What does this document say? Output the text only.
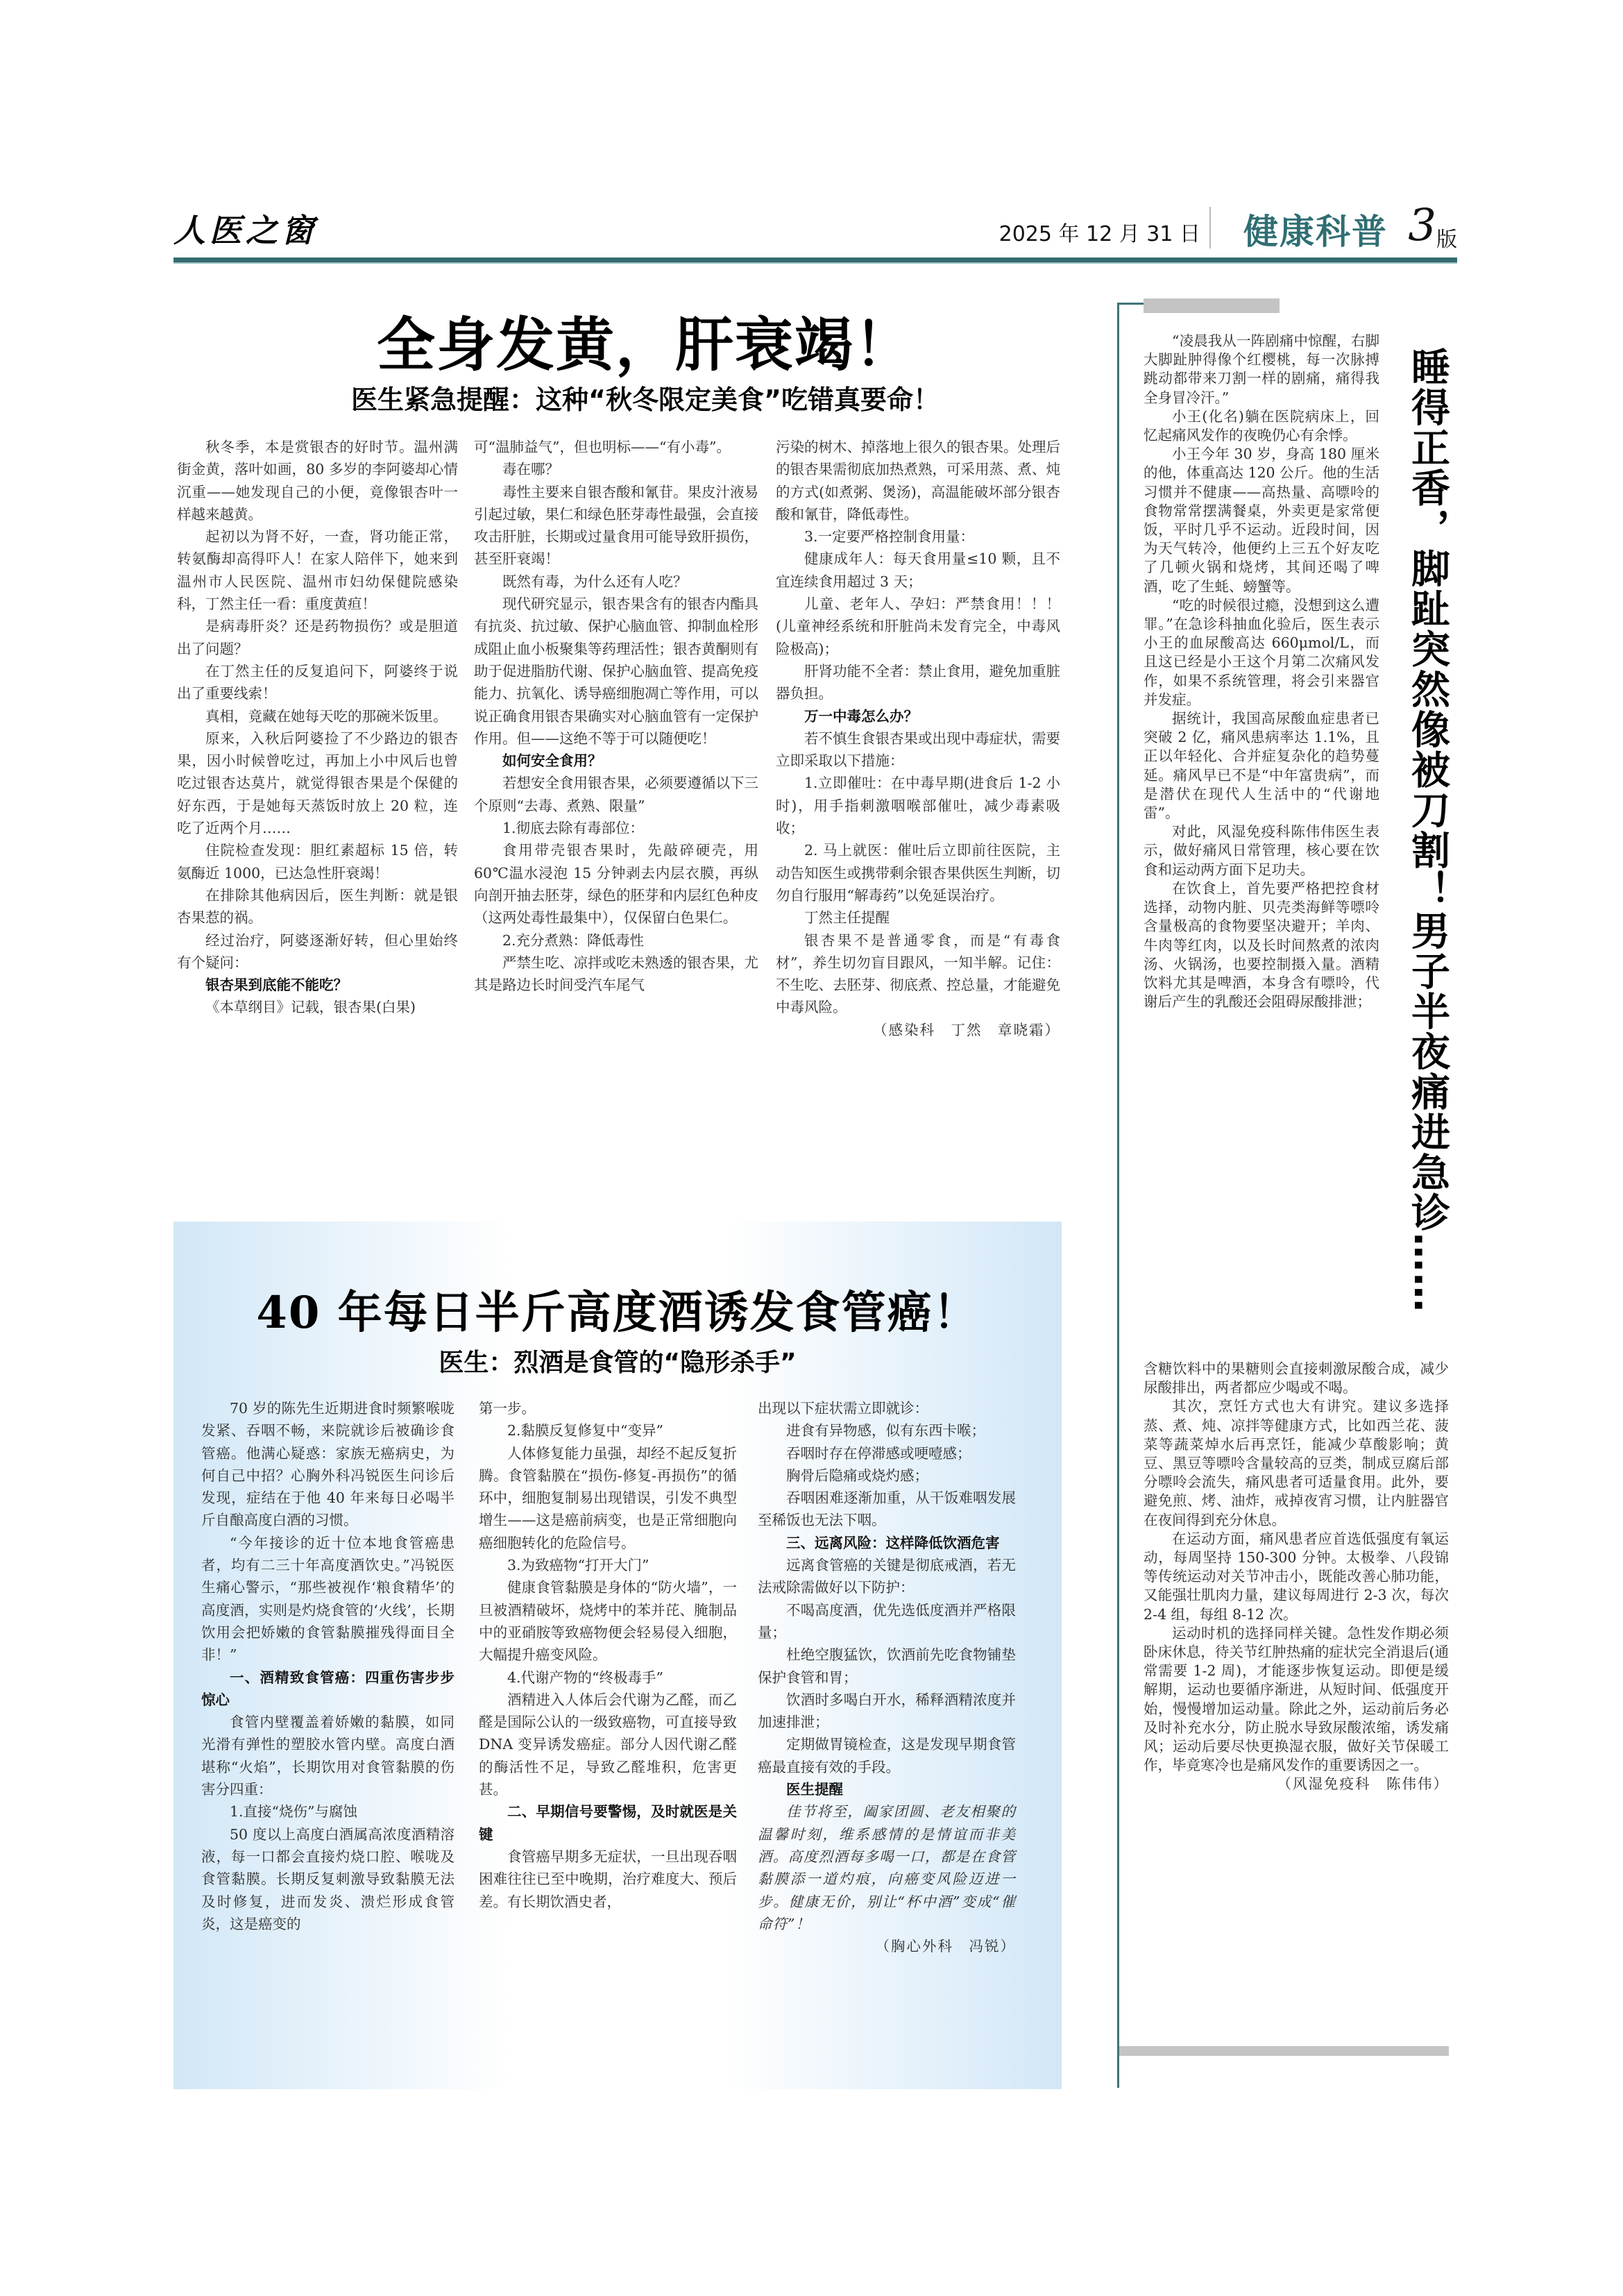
人医之窗	2025 年 12 月 31 日 健康科普 3 版
全身发黄，肝衰竭！
医生紧急提醒：这种“秋冬限定美食”吃错真要命！

秋冬季，本是赏银杏的好时节。温州满街金黄，落叶如画，80 多岁的李阿婆却心情沉重——她发现自己的小便，竟像银杏叶一样越来越黄。

起初以为肾不好，一查，肾功能正常，转氨酶却高得吓人！在家人陪伴下，她来到温州市人民医院、温州市妇幼保健院感染科，丁然主任一看：重度黄疸！

是病毒肝炎？还是药物损伤？或是胆道出了问题？

在丁然主任的反复追问下，阿婆终于说出了重要线索！

真相，竟藏在她每天吃的那碗米饭里。

原来，入秋后阿婆捡了不少路边的银杏果，因小时候曾吃过，再加上小中风后也曾吃过银杏达莫片，就觉得银杏果是个保健的好东西，于是她每天蒸饭时放上 20 粒，连吃了近两个月……

住院检查发现：胆红素超标 15 倍，转氨酶近 1000，已达急性肝衰竭！

在排除其他病因后，医生判断：就是银杏果惹的祸。

经过治疗，阿婆逐渐好转，但心里始终有个疑问：

银杏果到底能不能吃？

《本草纲目》记载，银杏果(白果)

可“温肺益气”，但也明标——“有小毒”。

毒在哪？

毒性主要来自银杏酸和氰苷。果皮汁液易引起过敏，果仁和绿色胚芽毒性最强，会直接攻击肝脏，长期或过量食用可能导致肝损伤，甚至肝衰竭！

既然有毒，为什么还有人吃？

现代研究显示，银杏果含有的银杏内酯具有抗炎、抗过敏、保护心脑血管、抑制血栓形成阻止血小板聚集等药理活性；银杏黄酮则有助于促进脂肪代谢、保护心脑血管、提高免疫能力、抗氧化、诱导癌细胞凋亡等作用，可以说正确食用银杏果确实对心脑血管有一定保护作用。但——这绝不等于可以随便吃！

如何安全食用？

若想安全食用银杏果，必须要遵循以下三个原则“去毒、煮熟、限量”

1.彻底去除有毒部位：

食用带壳银杏果时，先敲碎硬壳，用 60℃温水浸泡 15 分钟剥去内层衣膜，再纵向剖开抽去胚芽，绿色的胚芽和内层红色种皮（这两处毒性最集中），仅保留白色果仁。

2.充分煮熟：降低毒性

严禁生吃、凉拌或吃未熟透的银杏果，尤其是路边长时间受汽车尾气

污染的树木、掉落地上很久的银杏果。处理后的银杏果需彻底加热煮熟，可采用蒸、煮、炖的方式(如煮粥、煲汤)，高温能破坏部分银杏酸和氰苷，降低毒性。

3.一定要严格控制食用量：

健康成年人：每天食用量≤10 颗，且不宜连续食用超过 3 天；

儿童、老年人、孕妇：严禁食用！！！(儿童神经系统和肝脏尚未发育完全，中毒风险极高)；

肝肾功能不全者：禁止食用，避免加重脏器负担。

万一中毒怎么办？

若不慎生食银杏果或出现中毒症状，需要立即采取以下措施：

1.立即催吐：在中毒早期(进食后 1-2 小时)，用手指刺激咽喉部催吐，减少毒素吸收；

2. 马上就医：催吐后立即前往医院，主动告知医生或携带剩余银杏果供医生判断，切勿自行服用“解毒药”以免延误治疗。

丁然主任提醒

银杏果不是普通零食，而是“有毒食材”，养生切勿盲目跟风，一知半解。记住：不生吃、去胚芽、彻底煮、控总量，才能避免中毒风险。

（感染科　丁然　章晓霜）

40 年每日半斤高度酒诱发食管癌！
医生：烈酒是食管的“隐形杀手”

70 岁的陈先生近期进食时频繁喉咙发紧、吞咽不畅，来院就诊后被确诊食管癌。他满心疑惑：家族无癌病史，为何自己中招？心胸外科冯锐医生问诊后发现，症结在于他 40 年来每日必喝半斤自酿高度白酒的习惯。

“今年接诊的近十位本地食管癌患者，均有二三十年高度酒饮史。”冯锐医生痛心警示，“那些被视作‘粮食精华’的高度酒，实则是灼烧食管的‘火线’，长期饮用会把娇嫩的食管黏膜摧残得面目全非！”

一、酒精致食管癌：四重伤害步步惊心

食管内壁覆盖着娇嫩的黏膜，如同光滑有弹性的塑胶水管内壁。高度白酒堪称“火焰”，长期饮用对食管黏膜的伤害分四重：

1.直接“烧伤”与腐蚀

50 度以上高度白酒属高浓度酒精溶液，每一口都会直接灼烧口腔、喉咙及食管黏膜。长期反复刺激导致黏膜无法及时修复，进而发炎、溃烂形成食管炎，这是癌变的

第一步。

2.黏膜反复修复中“变异”

人体修复能力虽强，却经不起反复折腾。食管黏膜在“损伤-修复-再损伤”的循环中，细胞复制易出现错误，引发不典型增生——这是癌前病变，也是正常细胞向癌细胞转化的危险信号。

3.为致癌物“打开大门”

健康食管黏膜是身体的“防火墙”，一旦被酒精破坏，烧烤中的苯并芘、腌制品中的亚硝胺等致癌物便会轻易侵入细胞，大幅提升癌变风险。

4.代谢产物的“终极毒手”

酒精进入人体后会代谢为乙醛，而乙醛是国际公认的一级致癌物，可直接导致 DNA 变异诱发癌症。部分人因代谢乙醛的酶活性不足，导致乙醛堆积，危害更甚。

二、早期信号要警惕，及时就医是关键

食管癌早期多无症状，一旦出现吞咽困难往往已至中晚期，治疗难度大、预后差。有长期饮酒史者，

出现以下症状需立即就诊：

进食有异物感，似有东西卡喉；

吞咽时存在停滞感或哽噎感；

胸骨后隐痛或烧灼感；

吞咽困难逐渐加重，从干饭难咽发展至稀饭也无法下咽。

三、远离风险：这样降低饮酒危害

远离食管癌的关键是彻底戒酒，若无法戒除需做好以下防护：

不喝高度酒，优先选低度酒并严格限量；

杜绝空腹猛饮，饮酒前先吃食物铺垫保护食管和胃；

饮酒时多喝白开水，稀释酒精浓度并加速排泄；

定期做胃镜检查，这是发现早期食管癌最直接有效的手段。

医生提醒

佳节将至，阖家团圆、老友相聚的温馨时刻，维系感情的是情谊而非美酒。高度烈酒每多喝一口，都是在食管黏膜添一道灼痕，向癌变风险迈进一步。健康无价，别让“杯中酒”变成“催命符”！

（胸心外科　冯锐）

睡得正香，脚趾突然像被刀割！男子半夜痛进急诊……

“凌晨我从一阵剧痛中惊醒，右脚大脚趾肿得像个红樱桃，每一次脉搏跳动都带来刀割一样的剧痛，痛得我全身冒冷汗。”

小王(化名)躺在医院病床上，回忆起痛风发作的夜晚仍心有余悸。

小王今年 30 岁，身高 180 厘米的他，体重高达 120 公斤。他的生活习惯并不健康——高热量、高嘌呤的食物常常摆满餐桌，外卖更是家常便饭，平时几乎不运动。近段时间，因为天气转冷，他便约上三五个好友吃了几顿火锅和烧烤，其间还喝了啤酒，吃了生蚝、螃蟹等。

“吃的时候很过瘾，没想到这么遭罪。”在急诊科抽血化验后，医生表示小王的血尿酸高达 660μmol/L，而且这已经是小王这个月第二次痛风发作，如果不系统管理，将会引来器官并发症。

据统计，我国高尿酸血症患者已突破 2 亿，痛风患病率达 1.1%，且正以年轻化、合并症复杂化的趋势蔓延。痛风早已不是“中年富贵病”，而是潜伏在现代人生活中的“代谢地雷”。

对此，风湿免疫科陈伟伟医生表示，做好痛风日常管理，核心要在饮食和运动两方面下足功夫。

在饮食上，首先要严格把控食材选择，动物内脏、贝壳类海鲜等嘌呤含量极高的食物要坚决避开；羊肉、牛肉等红肉，以及长时间熬煮的浓肉汤、火锅汤，也要控制摄入量。酒精饮料尤其是啤酒，本身含有嘌呤，代谢后产生的乳酸还会阻碍尿酸排泄；

含糖饮料中的果糖则会直接刺激尿酸合成，减少尿酸排出，两者都应少喝或不喝。

其次，烹饪方式也大有讲究。建议多选择蒸、煮、炖、凉拌等健康方式，比如西兰花、菠菜等蔬菜焯水后再烹饪，能减少草酸影响；黄豆、黑豆等嘌呤含量较高的豆类，制成豆腐后部分嘌呤会流失，痛风患者可适量食用。此外，要避免煎、烤、油炸，戒掉夜宵习惯，让内脏器官在夜间得到充分休息。

在运动方面，痛风患者应首选低强度有氧运动，每周坚持 150-300 分钟。太极拳、八段锦等传统运动对关节冲击小，既能改善心肺功能，又能强壮肌肉力量，建议每周进行 2-3 次，每次 2-4 组，每组 8-12 次。

运动时机的选择同样关键。急性发作期必须卧床休息，待关节红肿热痛的症状完全消退后(通常需要 1-2 周)，才能逐步恢复运动。即便是缓解期，运动也要循序渐进，从短时间、低强度开始，慢慢增加运动量。除此之外，运动前后务必及时补充水分，防止脱水导致尿酸浓缩，诱发痛风；运动后要尽快更换湿衣服，做好关节保暖工作，毕竟寒冷也是痛风发作的重要诱因之一。

（风湿免疫科　陈伟伟）
